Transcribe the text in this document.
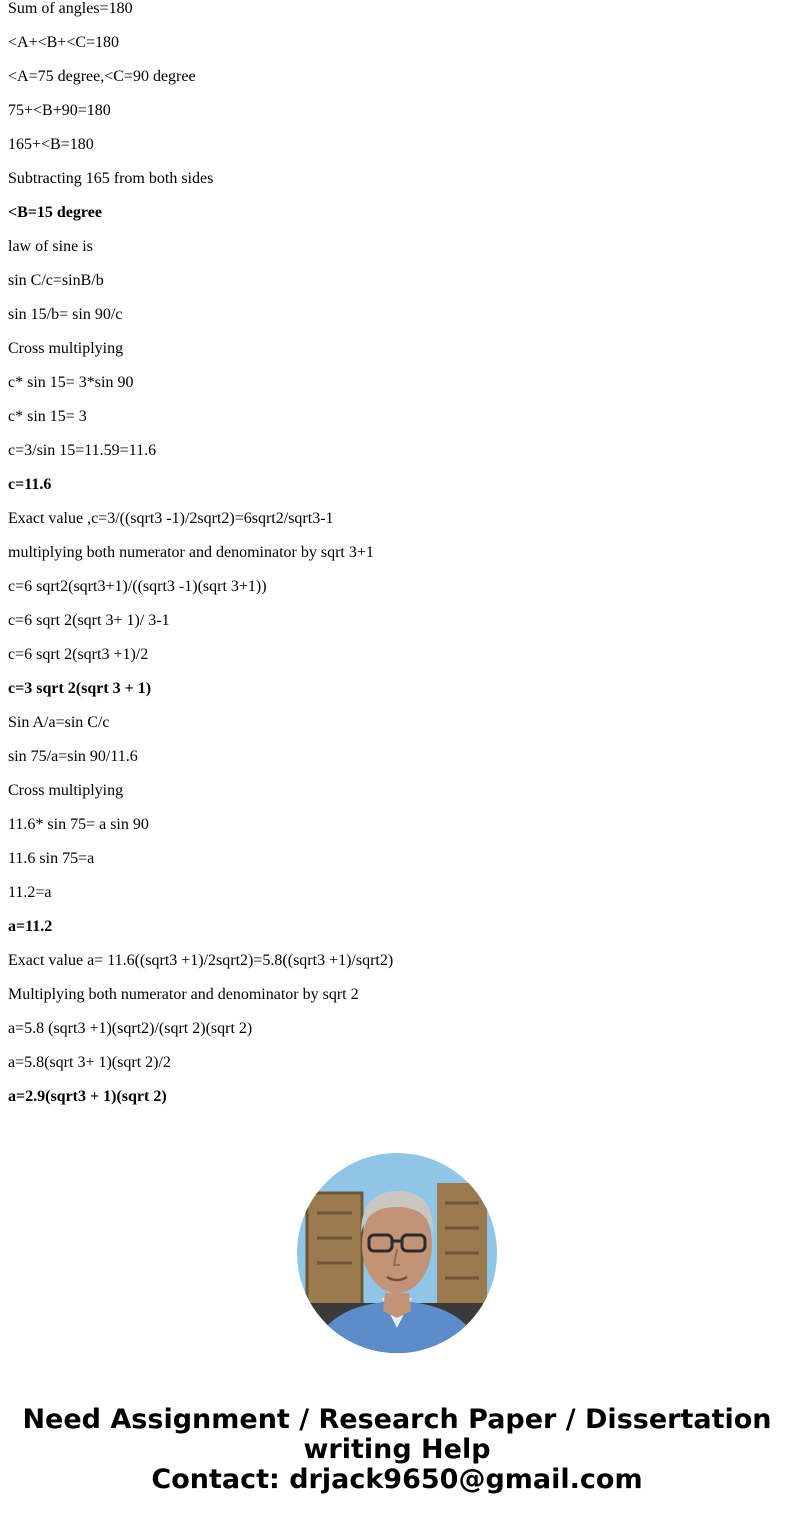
Sum of angles=180

<A+<B+<C=180

<A=75 degree,<C=90 degree

75+<B+90=180

165+<B=180

Subtracting 165 from both sides

<B=15 degree

law of sine is

sin C/c=sinB/b

sin 15/b= sin 90/c

Cross multiplying

c* sin 15= 3*sin 90

c* sin 15= 3

c=3/sin 15=11.59=11.6

c=11.6

Exact value ,c=3/((sqrt3 -1)/2sqrt2)=6sqrt2/sqrt3-1

multiplying both numerator and denominator by sqrt 3+1

c=6 sqrt2(sqrt3+1)/((sqrt3 -1)(sqrt 3+1))

c=6 sqrt 2(sqrt 3+ 1)/ 3-1

c=6 sqrt 2(sqrt3 +1)/2

c=3 sqrt 2(sqrt 3 + 1)

Sin A/a=sin C/c

sin 75/a=sin 90/11.6

Cross multiplying

11.6* sin 75= a sin 90

11.6 sin 75=a

11.2=a

a=11.2

Exact value a= 11.6((sqrt3 +1)/2sqrt2)=5.8((sqrt3 +1)/sqrt2)

Multiplying both numerator and denominator by sqrt 2

a=5.8 (sqrt3 +1)(sqrt2)/(sqrt 2)(sqrt 2)

a=5.8(sqrt 3+ 1)(sqrt 2)/2

a=2.9(sqrt3 + 1)(sqrt 2)

Need Assignment / Research Paper / Dissertation
writing Help
Contact: drjack9650@gmail.com
